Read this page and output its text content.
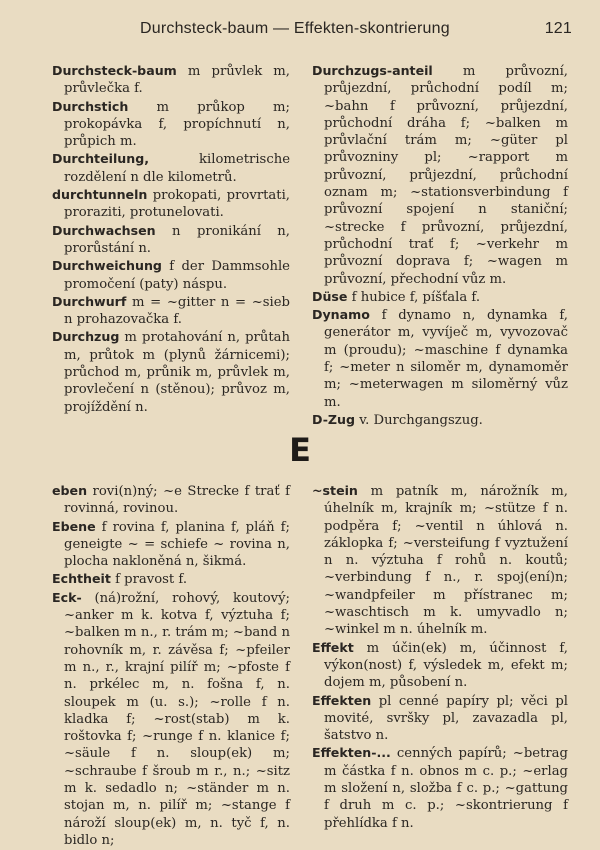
Durchsteck-baum — Effekten-skontrierung	121

Durchsteck-baum m průvlek m, průvlečka f.

Durchstich m průkop m; prokopávka f, propíchnutí n, průpich m.

Durchteilung, kilometrische rozdělení n dle kilometrů.

durchtunneln prokopati, provrtati, proraziti, protunelovati.

Durchwachsen n pronikání n, prorůstání n.

Durchweichung f der Dammsohle promočení (paty) náspu.

Durchwurf m = ~gitter n = ~sieb n prohazovačka f.

Durchzug m protahování n, průtah m, průtok m (plynů žárnicemi); průchod m, průnik m, průvlek m, provlečení n (stěnou); průvoz m, projíždění n.

Durchzugs-anteil m průvozní, průjezdní, průchodní podíl m; ~bahn f průvozní, průjezdní, průchodní dráha f; ~balken m průvlační trám m; ~güter pl průvozniny pl; ~rapport m průvozní, průjezdní, průchodní oznam m; ~stationsverbindung f průvozní spojení n staniční; ~strecke f průvozní, průjezdní, průchodní trať f; ~verkehr m průvozní doprava f; ~wagen m průvozní, přechodní vůz m.

Düse f hubice f, píšťala f.

Dynamo f dynamo n, dynamka f, generátor m, vyvíječ m, vyvozovač m (proudu); ~maschine f dynamka f; ~meter n siloměr m, dynamoměr m; ~meterwagen m siloměrný vůz m.

D-Zug v. Durchgangszug.

E

eben rovi(n)ný; ~e Strecke f trať f rovinná, rovinou.

Ebene f rovina f, planina f, pláň f; geneigte ~ = schiefe ~ rovina n, plocha nakloněná n, šikmá.

Echtheit f pravost f.

Eck- (ná)rožní, rohový, koutový; ~anker m k. kotva f, výztuha f; ~balken m n., r. trám m; ~band n rohovník m, r. závěsa f; ~pfeiler m n., r., krajní pilíř m; ~pfoste f n. prkélec m, n. fošna f, n. sloupek m (u. s.); ~rolle f n. kladka f; ~rost(stab) m k. roštovka f; ~runge f n. klanice f; ~säule f n. sloup(ek) m; ~schraube f šroub m r., n.; ~sitz m k. sedadlo n; ~ständer m n. stojan m, n. pilíř m; ~stange f nároží sloup(ek) m, n. tyč f, n. bidlo n;

~stein m patník m, nárožník m, úhelník m, krajník m; ~stütze f n. podpěra f; ~ventil n úhlová n. záklopka f; ~versteifung f vyztužení n n. výztuha f rohů n. koutů; ~verbindung f n., r. spoj(ení)n; ~wandpfeiler m přístranec m; ~waschtisch m k. umyvadlo n; ~winkel m n. úhelník m.

Effekt m účin(ek) m, účinnost f, výkon(nost) f, výsledek m, efekt m; dojem m, působení n.

Effekten pl cenné papíry pl; věci pl movité, svršky pl, zavazadla pl, šatstvo n.

Effekten-... cenných papírů; ~betrag m částka f n. obnos m c. p.; ~erlag m složení n, složba f c. p.; ~gattung f druh m c. p.; ~skontrierung f přehlídka f n.
